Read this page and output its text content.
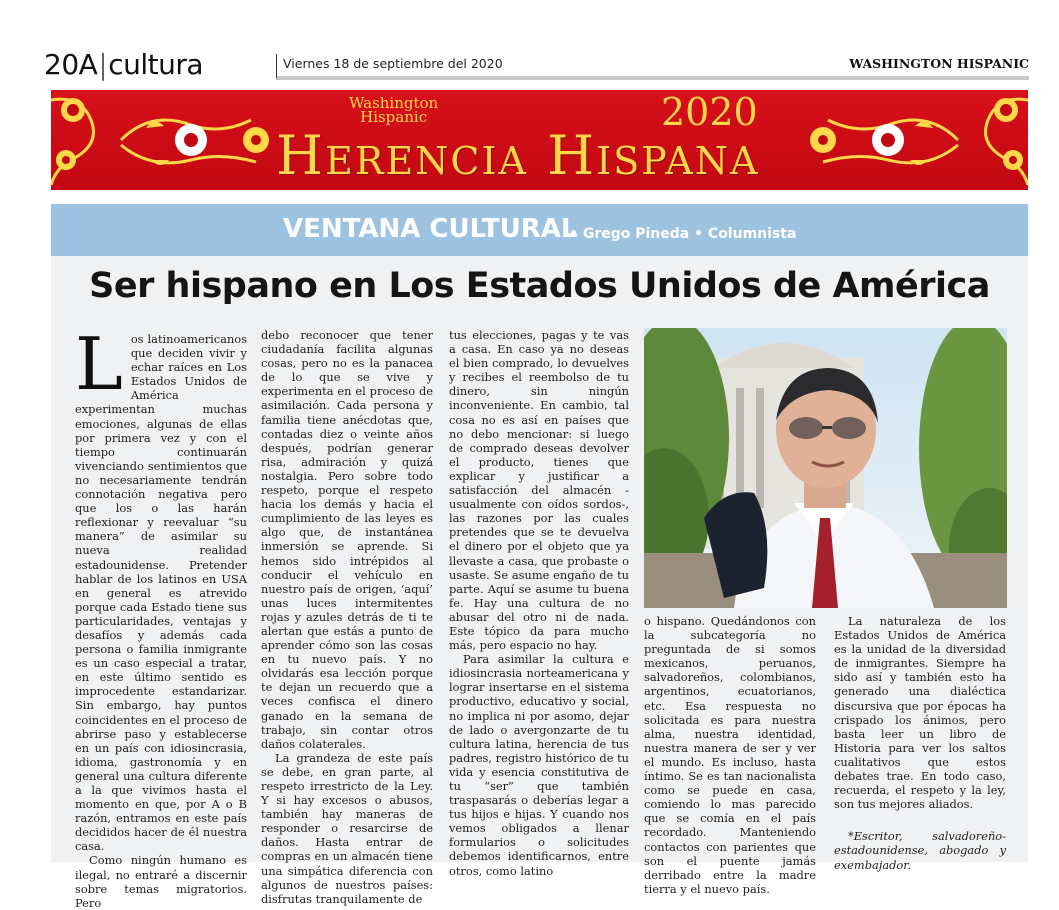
20A|cultura	Viernes 18 de septiembre del 2020	WASHINGTON HISPANIC
Washington
Hispanic	2020
Herencia Hispana
VENTANA CULTURAL
• Grego Pineda • Columnista
Ser hispano en Los Estados Unidos de América

Los latinoamericanos que deciden vivir y echar raíces en Los Estados Unidos de América experimentan muchas emociones, algunas de ellas por primera vez y con el tiempo continuarán vivenciando sentimientos que no necesariamente tendrán connotación negativa pero que los o las harán reflexionar y reevaluar “su manera” de asimilar su nueva realidad estadounidense. Pretender hablar de los latinos en USA en general es atrevido porque cada Estado tiene sus particularidades, ventajas y desafíos y además cada persona o familia inmigrante es un caso especial a tratar, en este último sentido es improcedente estandarizar. Sin embargo, hay puntos coincidentes en el proceso de abrirse paso y establecerse en un país con idiosincrasia, idioma, gastronomía y en general una cultura diferente a la que vivimos hasta el momento en que, por A o B razón, entramos en este país decididos hacer de él nuestra casa.

Como ningún humano es ilegal, no entraré a discernir sobre temas migratorios. Pero

debo reconocer que tener ciudadanía facilita algunas cosas, pero no es la panacea de lo que se vive y experimenta en el proceso de asimilación. Cada persona y familia tiene anécdotas que, contadas diez o veinte años después, podrían generar risa, admiración y quizá nostalgia. Pero sobre todo respeto, porque el respeto hacia los demás y hacia el cumplimiento de las leyes es algo que, de instantánea inmersión se aprende. Si hemos sido intrépidos al conducir el vehículo en nuestro país de origen, ‘aquí’ unas luces intermitentes rojas y azules detrás de ti te alertan que estás a punto de aprender cómo son las cosas en tu nuevo país. Y no olvidarás esa lección porque te dejan un recuerdo que a veces confisca el dinero ganado en la semana de trabajo, sin contar otros daños colaterales.

La grandeza de este país se debe, en gran parte, al respeto irrestricto de la Ley. Y si hay excesos o abusos, también hay maneras de responder o resarcirse de daños. Hasta entrar de compras en un almacén tiene una simpática diferencia con algunos de nuestros países: disfrutas tranquilamente de

tus elecciones, pagas y te vas a casa. En caso ya no deseas el bien comprado, lo devuelves y recibes el reembolso de tu dinero, sin ningún inconveniente. En cambio, tal cosa no es así en países que no debo mencionar: si luego de comprado deseas devolver el producto, tienes que explicar y justificar a satisfacción del almacén -usualmente con oídos sordos-, las razones por las cuales pretendes que se te devuelva el dinero por el objeto que ya llevaste a casa, que probaste o usaste. Se asume engaño de tu parte. Aquí se asume tu buena fe. Hay una cultura de no abusar del otro ni de nada. Este tópico da para mucho más, pero espacio no hay.

Para asimilar la cultura e idiosincrasia norteamericana y lograr insertarse en el sistema productivo, educativo y social, no implica ni por asomo, dejar de lado o avergonzarte de tu cultura latina, herencia de tus padres, registro histórico de tu vida y esencia constitutiva de tu “ser” que también traspasarás o deberías legar a tus hijos e hijas. Y cuando nos vemos obligados a llenar formularios o solicitudes debemos identificarnos, entre otros, como latino

o hispano. Quedándonos con la subcategoría no preguntada de si somos mexicanos, peruanos, salvadoreños, colombianos, argentinos, ecuatorianos, etc. Esa respuesta no solicitada es para nuestra alma, nuestra identidad, nuestra manera de ser y ver el mundo. Es incluso, hasta íntimo. Se es tan nacionalista como se puede en casa, comiendo lo mas parecido que se comía en el país recordado. Manteniendo contactos con parientes que son el puente jamás derribado entre la madre tierra y el nuevo país.

La naturaleza de los Estados Unidos de América es la unidad de la diversidad de inmigrantes. Siempre ha sido así y también esto ha generado una dialéctica discursiva que por épocas ha crispado los ánimos, pero basta leer un libro de Historia para ver los saltos cualitativos que estos debates trae. En todo caso, recuerda, el respeto y la ley, son tus mejores aliados.

*Escritor, salvadoreño-estadounidense, abogado y exembajador.
